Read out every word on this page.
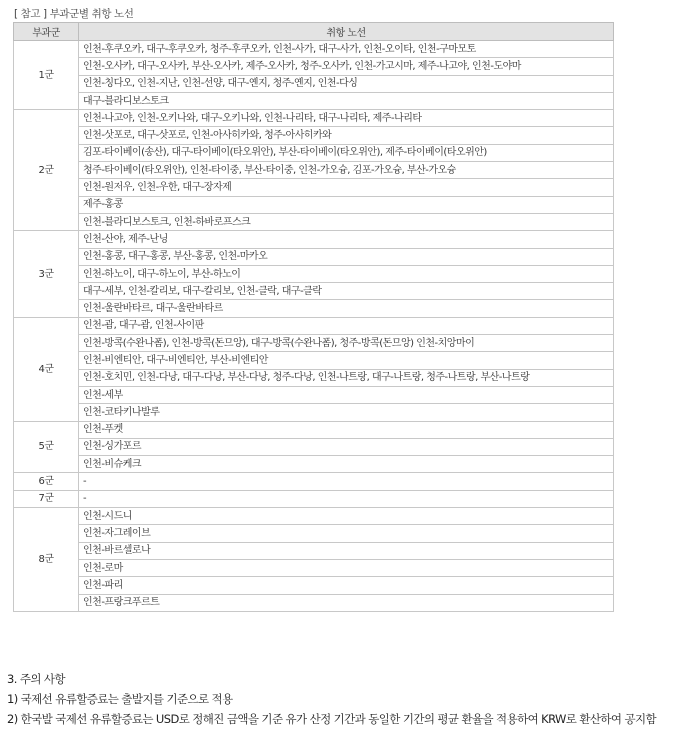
[ 참고 ] 부과군별 취항 노선
부과군	취항 노선
1군	인천-후쿠오카, 대구-후쿠오카, 청주-후쿠오카, 인천-사가, 대구-사가, 인천-오이타, 인천-구마모토
	인천-오사카, 대구-오사카, 부산-오사카, 제주-오사카, 청주-오사카, 인천-가고시마, 제주-나고야, 인천-도야마
	인천-칭다오, 인천-지난, 인천-선양, 대구-옌지, 청주-옌지, 인천-다싱
	대구-블라디보스토크
2군	인천-나고야, 인천-오키나와, 대구-오키나와, 인천-나리타, 대구-나리타, 제주-나리타
	인천-삿포로, 대구-삿포로, 인천-아사히카와, 청주-아사히카와
	김포-타이베이(송산), 대구-타이베이(타오위안), 부산-타이베이(타오위안), 제주-타이베이(타오위안)
	청주-타이베이(타오위안), 인천-타이중, 부산-타이중, 인천-가오슝, 김포-가오슝, 부산-가오슝
	인천-원저우, 인천-우한, 대구-장자제
	제주-홍콩
	인천-블라디보스토크, 인천-하바로프스크
3군	인천-산야, 제주-난닝
	인천-홍콩, 대구-홍콩, 부산-홍콩, 인천-마카오
	인천-하노이, 대구-하노이, 부산-하노이
	대구-세부, 인천-칼리보, 대구-칼리보, 인천-클락, 대구-클락
	인천-울란바타르, 대구-울란바타르
4군	인천-괌, 대구-괌, 인천-사이판
	인천-방콕(수완나폼), 인천-방콕(돈므앙), 대구-방콕(수완나폼), 청주-방콕(돈므앙) 인천-치앙마이
	인천-비엔티안, 대구-비엔티안, 부산-비엔티안
	인천-호치민, 인천-다낭, 대구-다낭, 부산-다낭, 청주-다낭, 인천-나트랑, 대구-나트랑, 청주-나트랑, 부산-나트랑
	인천-세부
	인천-코타키나발루
5군	인천-푸켓
	인천-싱가포르
	인천-비슈케크
6군	-
7군	-
8군	인천-시드니
	인천-자그레이브
	인천-바르셀로나
	인천-로마
	인천-파리
	인천-프랑크푸르트
3. 주의 사항
1) 국제선 유류할증료는 출발지를 기준으로 적용
2) 한국발 국제선 유류할증료는 USD로 정해진 금액을 기준 유가 산정 기간과 동일한 기간의 평균 환율을 적용하여 KRW로 환산하여 공지함
